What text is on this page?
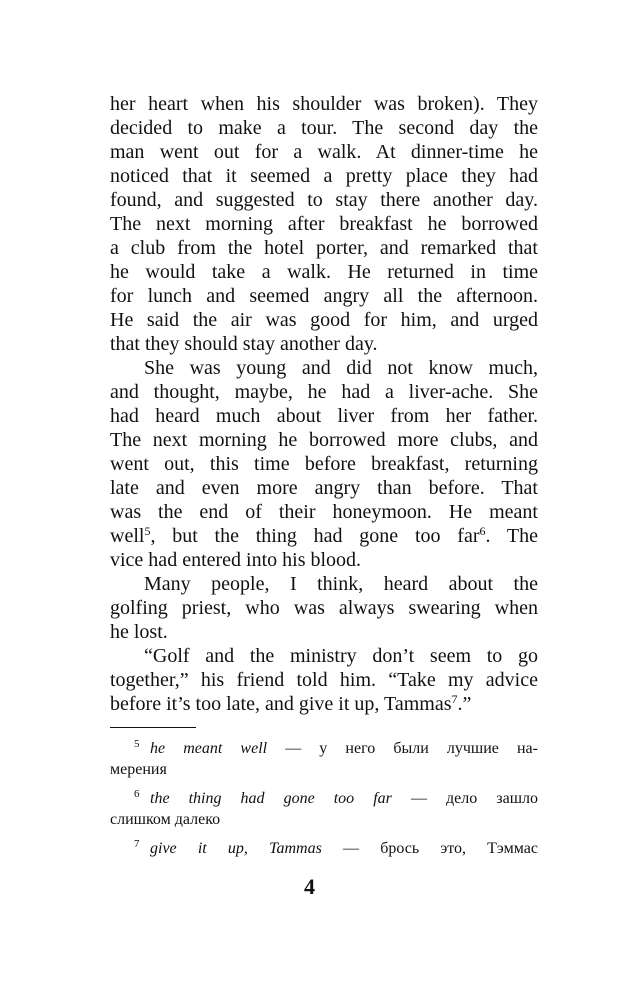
her heart when his shoulder was broken). They
decided to make a tour. The second day the
man went out for a walk. At dinner-time he
noticed that it seemed a pretty place they had
found, and suggested to stay there another day.
The next morning after breakfast he borrowed
a club from the hotel porter, and remarked that
he would take a walk. He returned in time
for lunch and seemed angry all the afternoon.
He said the air was good for him, and urged
that they should stay another day.
She was young and did not know much,
and thought, maybe, he had a liver-ache. She
had heard much about liver from her father.
The next morning he borrowed more clubs, and
went out, this time before breakfast, returning
late and even more angry than before. That
was the end of their honeymoon. He meant
well$^5$, but the thing had gone too far$^6$. The
vice had entered into his blood.
Many people, I think, heard about the
golfing priest, who was always swearing when
he lost.
“Golf and the ministry don’t seem to go
together,” his friend told him. “Take my advice
before it’s too late, and give it up, Tammas$^7$.”
5 he meant well — у него были лучшие на-
мерения
6 the thing had gone too far — дело зашло
слишком далеко
7 give it up, Tammas — брось это, Тэммас
4
